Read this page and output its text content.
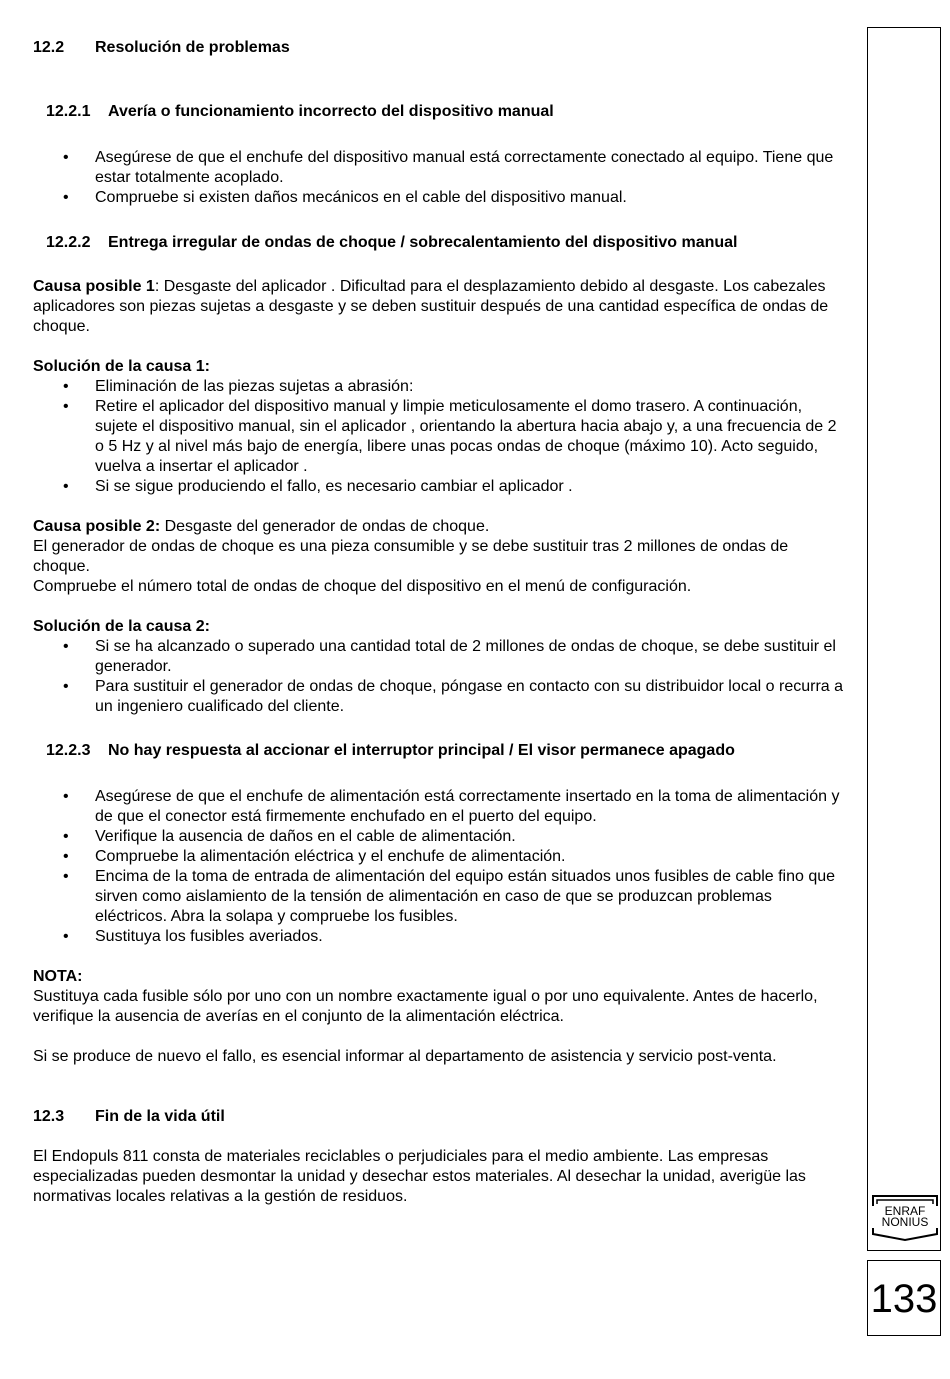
12.2 Resolución de problemas
12.2.1 Avería o funcionamiento incorrecto del dispositivo manual
• Asegúrese de que el enchufe del dispositivo manual está correctamente conectado al equipo. Tiene que estar totalmente acoplado.
• Compruebe si existen daños mecánicos en el cable del dispositivo manual.
12.2.2 Entrega irregular de ondas de choque / sobrecalentamiento del dispositivo manual

Causa posible 1: Desgaste del aplicador . Dificultad para el desplazamiento debido al desgaste. Los cabezales aplicadores son piezas sujetas a desgaste y se deben sustituir después de una cantidad específica de ondas de choque.

Solución de la causa 1:

• Eliminación de las piezas sujetas a abrasión:
• Retire el aplicador del dispositivo manual y limpie meticulosamente el domo trasero. A continuación, sujete el dispositivo manual, sin el aplicador , orientando la abertura hacia abajo y, a una frecuencia de 2 o 5 Hz y al nivel más bajo de energía, libere unas pocas ondas de choque (máximo 10). Acto seguido, vuelva a insertar el aplicador .
• Si se sigue produciendo el fallo, es necesario cambiar el aplicador .

Causa posible 2: Desgaste del generador de ondas de choque.

El generador de ondas de choque es una pieza consumible y se debe sustituir tras 2 millones de ondas de choque.

Compruebe el número total de ondas de choque del dispositivo en el menú de configuración.

Solución de la causa 2:

• Si se ha alcanzado o superado una cantidad total de 2 millones de ondas de choque, se debe sustituir el generador.
• Para sustituir el generador de ondas de choque, póngase en contacto con su distribuidor local o recurra a un ingeniero cualificado del cliente.
12.2.3 No hay respuesta al accionar el interruptor principal / El visor permanece apagado
• Asegúrese de que el enchufe de alimentación está correctamente insertado en la toma de alimentación y de que el conector está firmemente enchufado en el puerto del equipo.
• Verifique la ausencia de daños en el cable de alimentación.
• Compruebe la alimentación eléctrica y el enchufe de alimentación.
• Encima de la toma de entrada de alimentación del equipo están situados unos fusibles de cable fino que sirven como aislamiento de la tensión de alimentación en caso de que se produzcan problemas eléctricos. Abra la solapa y compruebe los fusibles.
• Sustituya los fusibles averiados.

NOTA:

Sustituya cada fusible sólo por uno con un nombre exactamente igual o por uno equivalente. Antes de hacerlo, verifique la ausencia de averías en el conjunto de la alimentación eléctrica.

Si se produce de nuevo el fallo, es esencial informar al departamento de asistencia y servicio post-venta.

12.3 Fin de la vida útil

El Endopuls 811 consta de materiales reciclables o perjudiciales para el medio ambiente. Las empresas especializadas pueden desmontar la unidad y desechar estos materiales. Al desechar la unidad, averigüe las normativas locales relativas a la gestión de residuos.

ENRAF
NONIUS
133
